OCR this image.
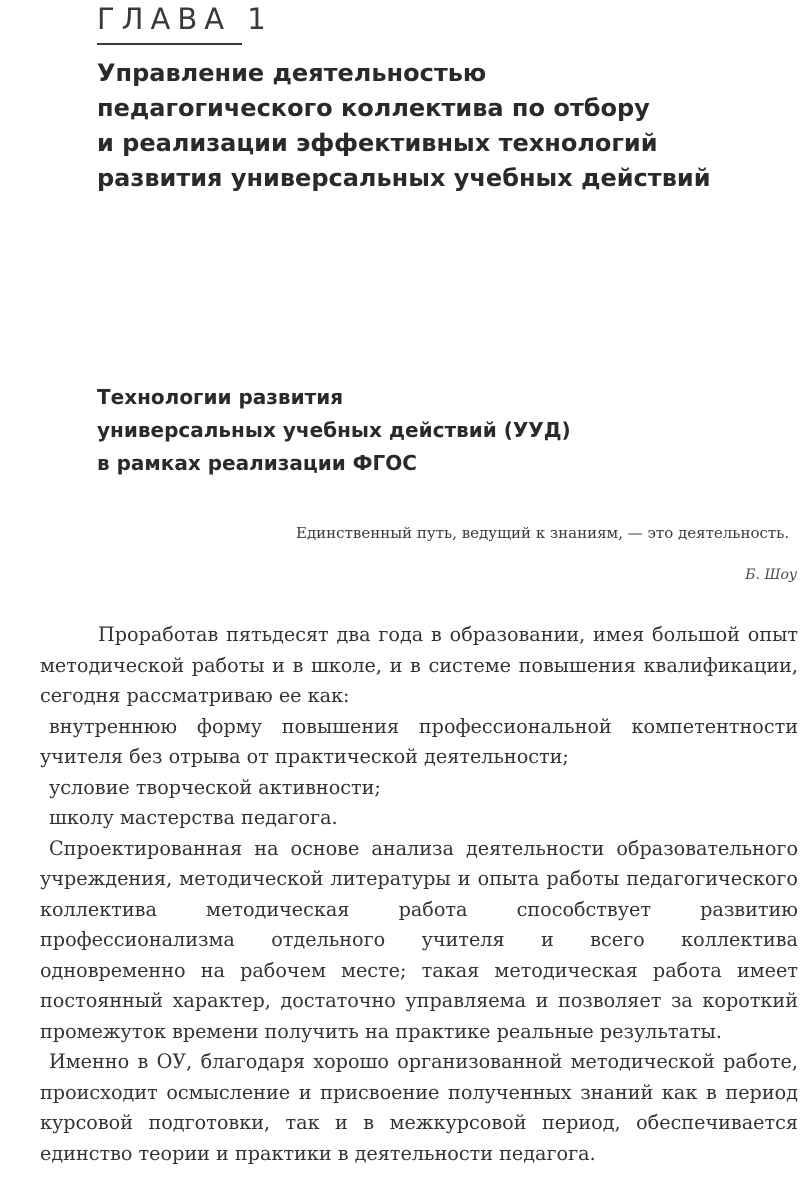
ГЛАВА 1
Управление деятельностью
педагогического коллектива по отбору
и реализации эффективных технологий
развития универсальных учебных действий
Технологии развития
универсальных учебных действий (УУД)
в рамках реализации ФГОС
Единственный путь, ведущий к знаниям, — это деятельность.
Б. Шоу

Проработав пятьдесят два года в образовании, имея большой опыт методической работы и в школе, и в системе повышения квалификации, сегодня рассматриваю ее как:

внутреннюю форму повышения профессиональной компетентности учителя без отрыва от практической деятельности;

условие творческой активности;

школу мастерства педагога.

Спроектированная на основе анализа деятельности образовательного учреждения, методической литературы и опыта работы педагогического коллектива методическая работа способствует развитию профессионализма отдельного учителя и всего коллектива одновременно на рабочем месте; такая методическая работа имеет постоянный характер, достаточно управляема и позволяет за короткий промежуток времени получить на практике реальные результаты.

Именно в ОУ, благодаря хорошо организованной методической работе, происходит осмысление и присвоение полученных знаний как в период курсовой подготовки, так и в межкурсовой период, обеспечивается единство теории и практики в деятельности педагога.
